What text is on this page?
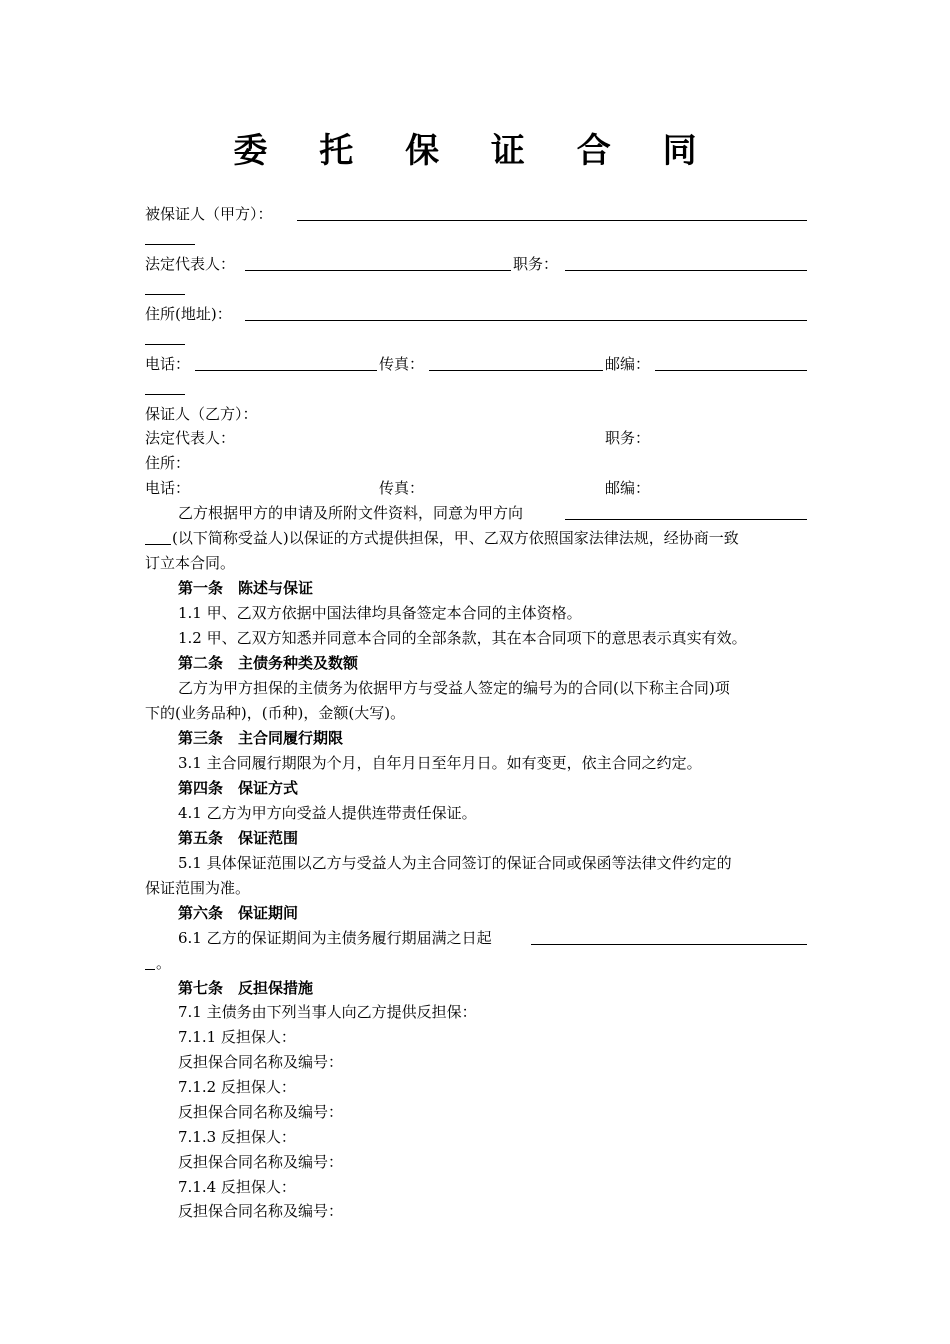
委 托 保 证 合 同
被保证人（甲方）：
法定代表人：	职务：
住所(地址)：
电话：	传真：	邮编：
保证人（乙方）：
法定代表人：	职务：
住所：
电话：	传真：	邮编：
乙方根据甲方的申请及所附文件资料，同意为甲方向
(以下简称受益人)以保证的方式提供担保，甲、乙双方依照国家法律法规，经协商一致
订立本合同。
第一条　陈述与保证
1.1 甲、乙双方依据中国法律均具备签定本合同的主体资格。
1.2 甲、乙双方知悉并同意本合同的全部条款，其在本合同项下的意思表示真实有效。
第二条　主债务种类及数额
乙方为甲方担保的主债务为依据甲方与受益人签定的编号为的合同(以下称主合同)项
下的(业务品种)，(币种)，金额(大写)。
第三条　主合同履行期限
3.1 主合同履行期限为个月，自年月日至年月日。如有变更，依主合同之约定。
第四条　保证方式
4.1 乙方为甲方向受益人提供连带责任保证。
第五条　保证范围
5.1 具体保证范围以乙方与受益人为主合同签订的保证合同或保函等法律文件约定的
保证范围为准。
第六条　保证期间
6.1 乙方的保证期间为主债务履行期届满之日起
。
第七条　反担保措施
7.1 主债务由下列当事人向乙方提供反担保：
7.1.1 反担保人：
反担保合同名称及编号：
7.1.2 反担保人：
反担保合同名称及编号：
7.1.3 反担保人：
反担保合同名称及编号：
7.1.4 反担保人：
反担保合同名称及编号：
